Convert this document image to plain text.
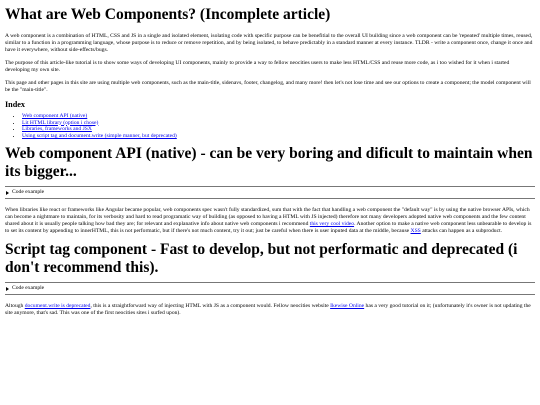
What are Web Components? (Incomplete article)

A web component is a combination of HTML, CSS and JS in a single and isolated element, isolating code with specific purpose can be benefitial to the overall UI building since a web component can be 'repeated' multiple times, reused, similar to a function in a programming language, whose purpose is to reduce or remove repetition, and by being isolated, to behave predictably in a standard manner at every instance. TLDR - write a component once, change it once and have it everywhere, without side-effects/bugs.

The purpose of this article-like tutorial is to show some ways of developing UI components, mainly to provide a way to fellow neocities users to make less HTML/CSS and reuse more code, as i too wished for it when i started developing my own site.

This page and other pages in this site are using multiple web components, such as the main-title, sidenavs, footer, changelog, and many more! then let's not lose time and see our options to create a component; the model component will be the "main-title".

Index
• Web component API (native)
• Lit HTML library (option i chose)
• Libraries, frameworks and JSX
• Using script tag and document.write (simple manner, but deprecated)
Web component API (native) - can be very boring and dificult to maintain when its bigger...
Code example

When libraries like react or frameworks like Angular became popular, web components spec wasn't fully standardized, sum that with the fact that handling a web component the "default way" is by using the native browser APIs, which can become a nightmare to maintain, for its verbosity and hard to read programatic way of building (as opposed to having a HTML with JS injected) therefore not many developers adopted native web components and the few content shared about it is usually people talking how bad they are; for relevant and explanative info about native web components i recommend this very cool video. Another option to make a native web component less unbearable to develop is to set its content by appending to innerHTML, this is not performatic, but if there's not much content, try it out; just be careful when there is user inputed data at the middle, because XSS attacks can happen as a subproduct.

Script tag component - Fast to develop, but not performatic and deprecated (i don't recommend this).
Code example

Altough document.write is deprecated, this is a straightforward way of injecting HTML with JS as a component would. Fellow neocities website Ikewise Online has a very good tutorial on it; (unfortunately it's owner is not updating the site anymore, that's sad. This was one of the first neocities sites i surfed upon).
